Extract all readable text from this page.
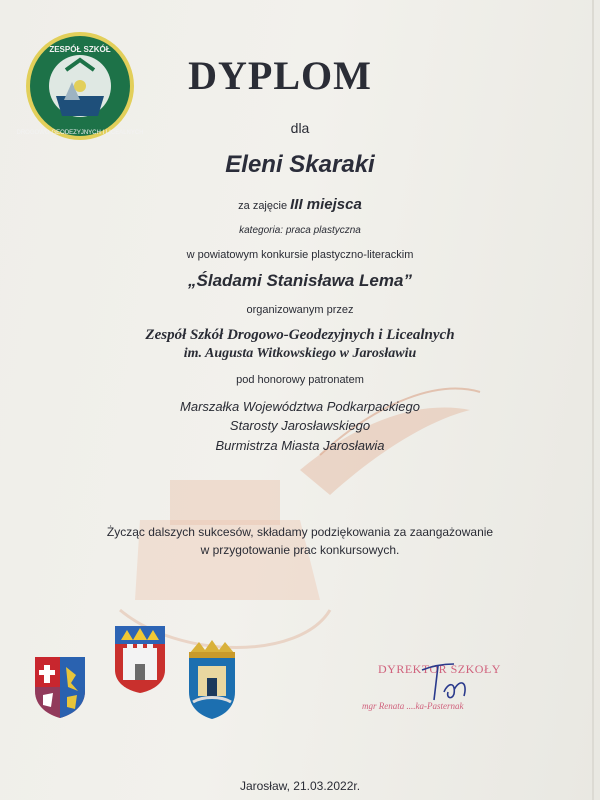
ZESPÓŁ SZKÓŁ
DROGOWO-GEODEZYJNYCH I LICEALNYCH
DYPLOM
dla
Eleni Skaraki
za zajęcie III miejsca
kategoria: praca plastyczna
w powiatowym konkursie plastyczno-literackim
„Śladami Stanisława Lema”
organizowanym przez
Zespół Szkół Drogowo-Geodezyjnych i Licealnych
im. Augusta Witkowskiego w Jarosławiu
pod honorowy patronatem
Marszałka Województwa Podkarpackiego
Starosty Jarosławskiego
Burmistrza Miasta Jarosławia
Życząc dalszych sukcesów, składamy podziękowania za zaangażowanie
w przygotowanie prac konkursowych.
DYREKTOR SZKOŁY
mgr Renata ....ka-Pasternak
Jarosław, 21.03.2022r.
